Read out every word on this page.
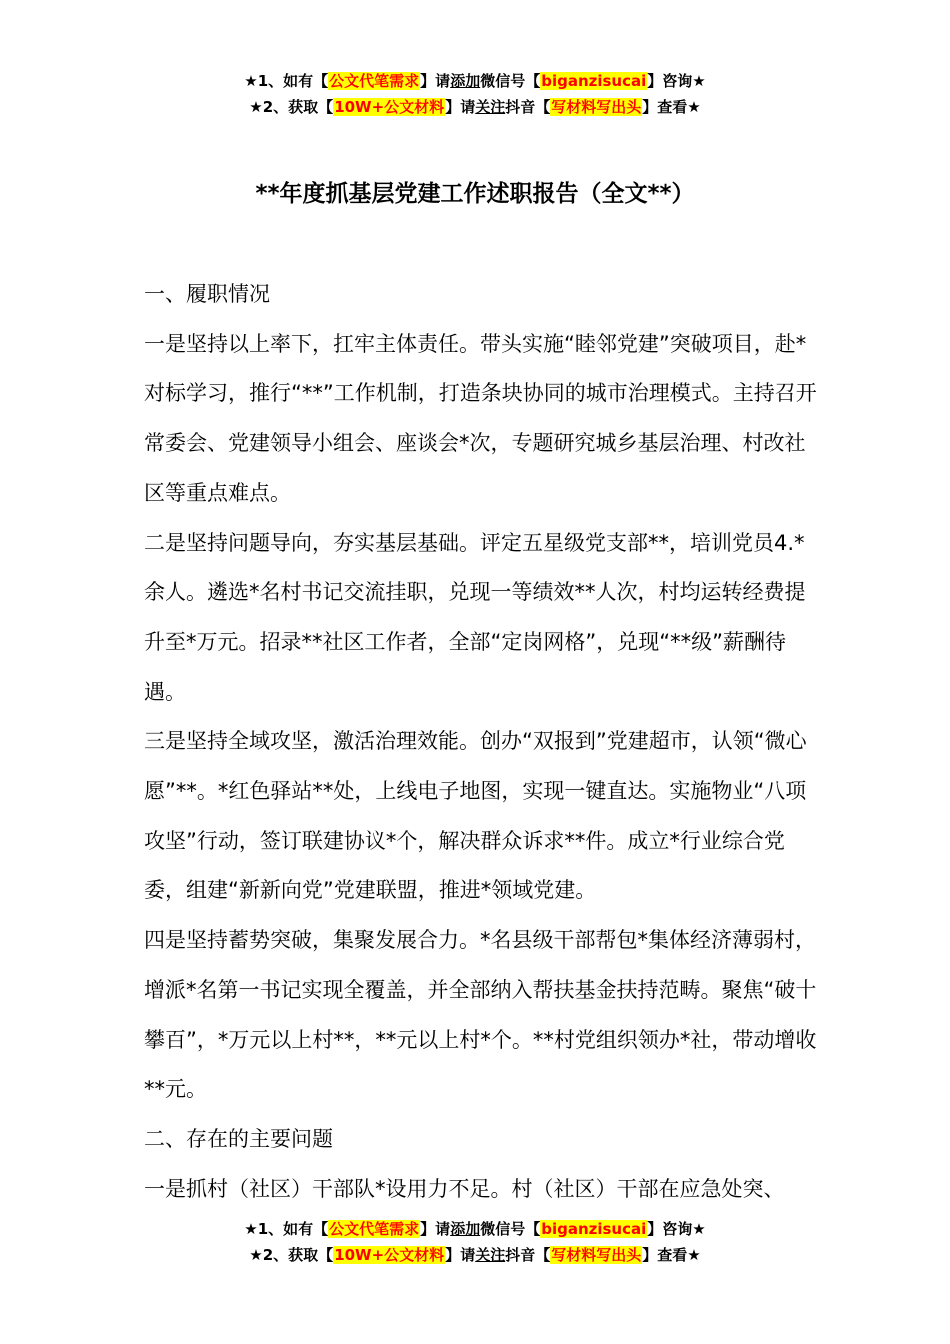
★1、如有【公文代笔需求】请添加微信号【biganzisucai】咨询★
★2、获取【10W+公文材料】请关注抖音【写材料写出头】查看★
**年度抓基层党建工作述职报告（全文**）

一、履职情况

一是坚持以上率下，扛牢主体责任。带头实施“睦邻党建”突破项目，赴*对标学习，推行“**”工作机制，打造条块协同的城市治理模式。主持召开常委会、党建领导小组会、座谈会*次，专题研究城乡基层治理、村改社区等重点难点。

二是坚持问题导向，夯实基层基础。评定五星级党支部**，培训党员4.*余人。遴选*名村书记交流挂职，兑现一等绩效**人次，村均运转经费提升至*万元。招录**社区工作者，全部“定岗网格”，兑现“**级”薪酬待遇。

三是坚持全域攻坚，激活治理效能。创办“双报到”党建超市，认领“微心愿”**。*红色驿站**处，上线电子地图，实现一键直达。实施物业“八项攻坚”行动，签订联建协议*个，解决群众诉求**件。成立*行业综合党委，组建“新新向党”党建联盟，推进*领域党建。

四是坚持蓄势突破，集聚发展合力。*名县级干部帮包*集体经济薄弱村，增派*名第一书记实现全覆盖，并全部纳入帮扶基金扶持范畴。聚焦“破十攀百”，*万元以上村**，**元以上村*个。**村党组织领办*社，带动增收**元。

二、存在的主要问题

一是抓村（社区）干部队*设用力不足。村（社区）干部在应急处突、

★1、如有【公文代笔需求】请添加微信号【biganzisucai】咨询★
★2、获取【10W+公文材料】请关注抖音【写材料写出头】查看★
